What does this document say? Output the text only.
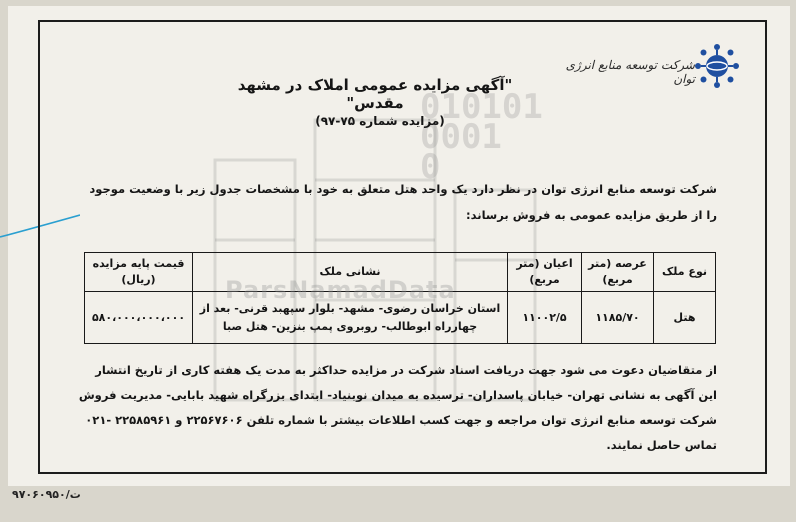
010101
0001
0
شرکت توسعه منابع انرژی توان
"آگهی مزایده عمومی املاک در مشهد مقدس"
(مزایده شماره ۷۵-۹۷)
شرکت توسعه منابع انرژی توان در نظر دارد یک واحد هتل متعلق به خود با مشخصات جدول زیر با وضعیت موجود را از طریق مزایده عمومی به فروش برساند:
نوع ملک	عرصه (متر مربع)	اعیان (متر مربع)	نشانی ملک	قیمت پایه مزایده (ریال)
هتل	۱۱۸۵/۷۰	۱۱۰۰۲/۵	استان خراسان رضوی- مشهد- بلوار سپهبد قرنی- بعد از چهارراه ابوطالب- روبروی پمپ بنزین- هتل صبا	۵۸۰،۰۰۰،۰۰۰،۰۰۰
ParsNamadData
از متقاضیان دعوت می شود جهت دریافت اسناد شرکت در مزایده حداکثر به مدت یک هفته کاری از تاریخ انتشار این آگهی به نشانی تهران- خیابان پاسداران- ترسیده به میدان نوبنیاد- ابتدای بزرگراه شهید بابایی- مدیریت فروش شرکت توسعه منابع انرژی توان مراجعه و جهت کسب اطلاعات بیشتر با شماره تلفن ۲۲۵۶۷۶۰۶ و ۲۲۵۸۵۹۶۱ -۰۲۱ تماس حاصل نمایند.
ت/۹۷۰۶۰۹۵۰
